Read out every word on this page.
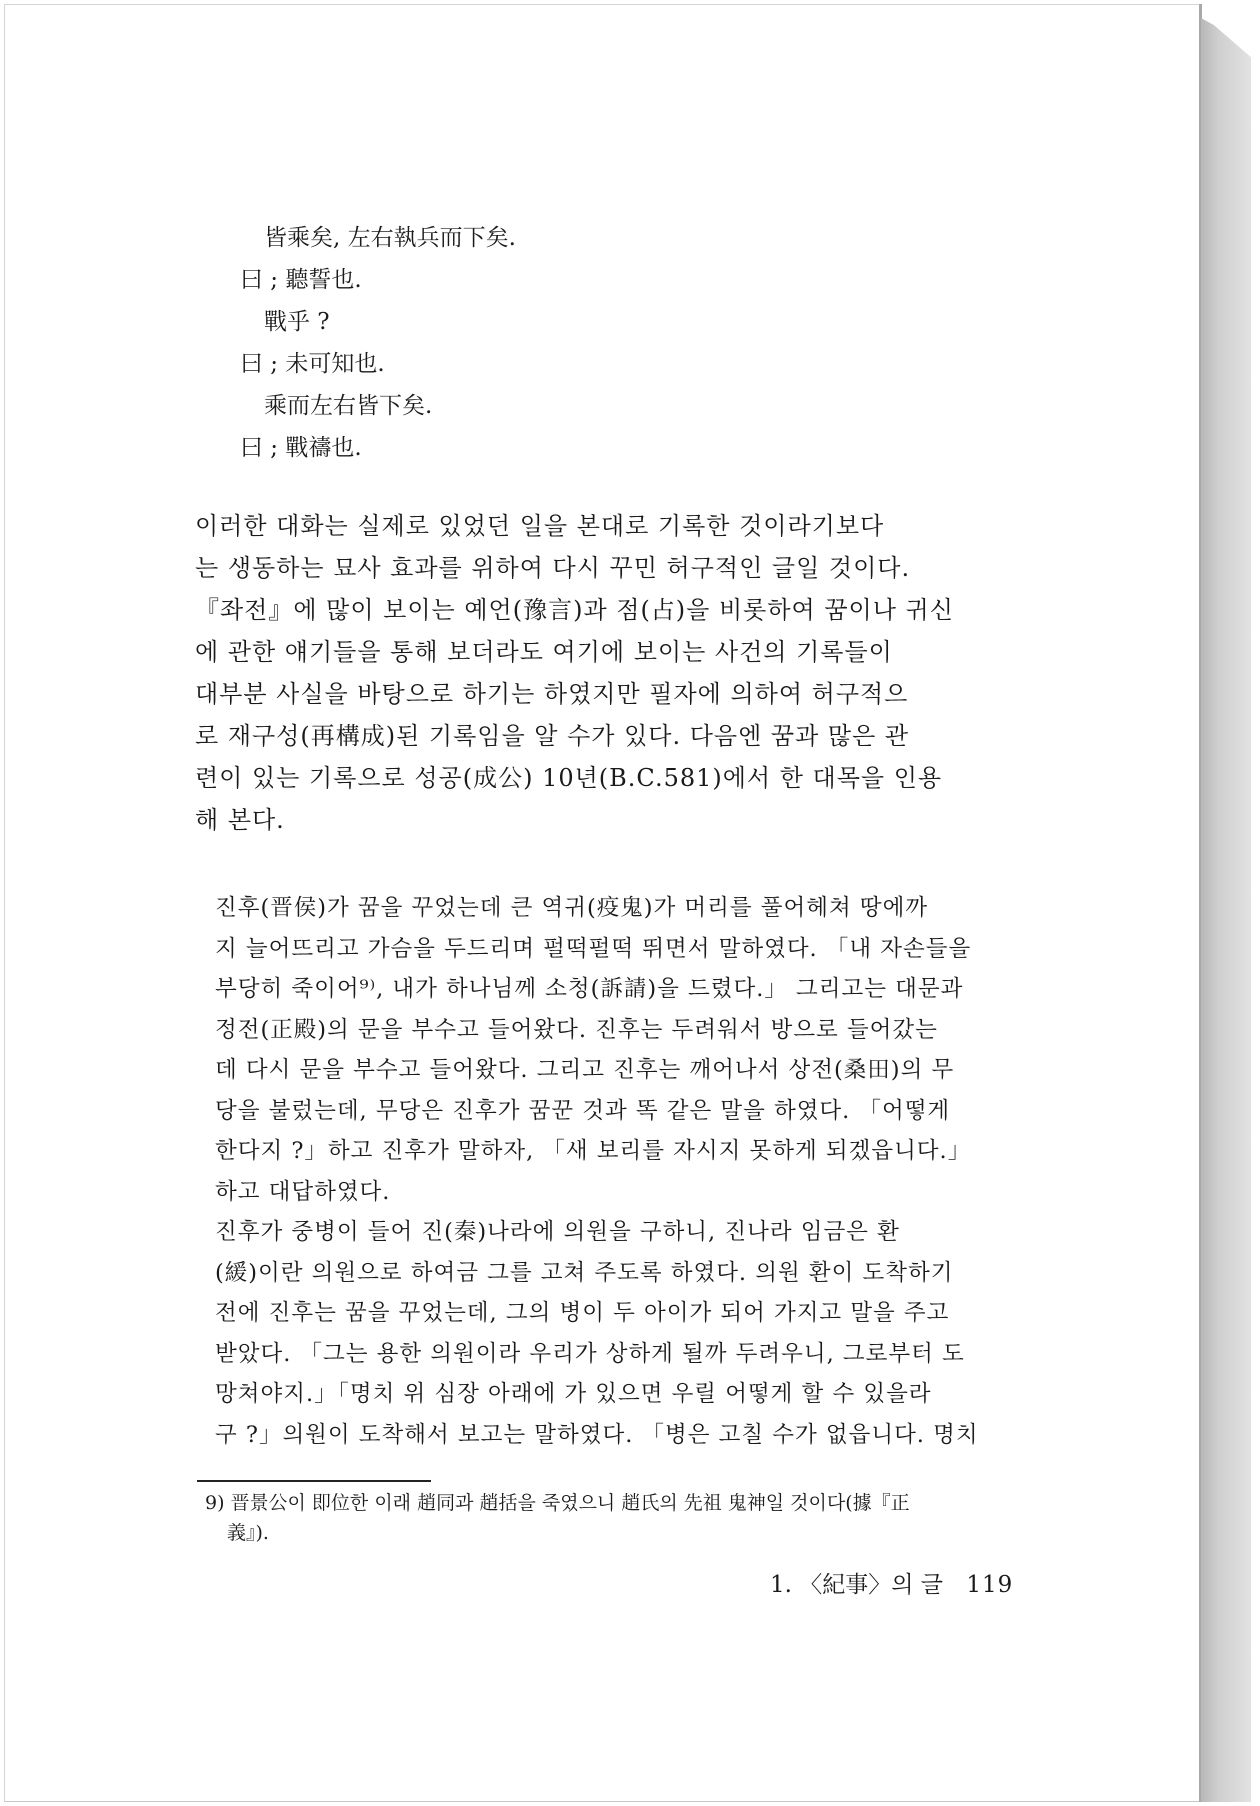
皆乘矣, 左右執兵而下矣.
曰 ; 聽誓也.
戰乎 ?
曰 ; 未可知也.
乘而左右皆下矣.
曰 ; 戰禱也.
이러한 대화는 실제로 있었던 일을 본대로 기록한 것이라기보다
는 생동하는 묘사 효과를 위하여 다시 꾸민 허구적인 글일 것이다.
『좌전』에 많이 보이는 예언(豫言)과 점(占)을 비롯하여 꿈이나 귀신
에 관한 얘기들을 통해 보더라도 여기에 보이는 사건의 기록들이
대부분 사실을 바탕으로 하기는 하였지만 필자에 의하여 허구적으
로 재구성(再構成)된 기록임을 알 수가 있다. 다음엔 꿈과 많은 관
련이 있는 기록으로 성공(成公) 10년(B.C.581)에서 한 대목을 인용
해 본다.
진후(晋侯)가 꿈을 꾸었는데 큰 역귀(疫鬼)가 머리를 풀어헤쳐 땅에까
지 늘어뜨리고 가슴을 두드리며 펄떡펄떡 뛰면서 말하였다. 「내 자손들을
부당히 죽이어⁹⁾, 내가 하나님께 소청(訴請)을 드렸다.」 그리고는 대문과
정전(正殿)의 문을 부수고 들어왔다. 진후는 두려워서 방으로 들어갔는
데 다시 문을 부수고 들어왔다. 그리고 진후는 깨어나서 상전(桑田)의 무
당을 불렀는데, 무당은 진후가 꿈꾼 것과 똑 같은 말을 하였다. 「어떻게
한다지 ?」하고 진후가 말하자, 「새 보리를 자시지 못하게 되겠읍니다.」
하고 대답하였다.
진후가 중병이 들어 진(秦)나라에 의원을 구하니, 진나라 임금은 환
(緩)이란 의원으로 하여금 그를 고쳐 주도록 하였다. 의원 환이 도착하기
전에 진후는 꿈을 꾸었는데, 그의 병이 두 아이가 되어 가지고 말을 주고
받았다. 「그는 용한 의원이라 우리가 상하게 될까 두려우니, 그로부터 도
망쳐야지.」「명치 위 심장 아래에 가 있으면 우릴 어떻게 할 수 있을라
구 ?」의원이 도착해서 보고는 말하였다. 「병은 고칠 수가 없읍니다. 명치
9) 晋景公이 即位한 이래 趙同과 趙括을 죽였으니 趙氏의 先祖 鬼神일 것이다(據『正
義』).
1. 〈紀事〉의 글 119
